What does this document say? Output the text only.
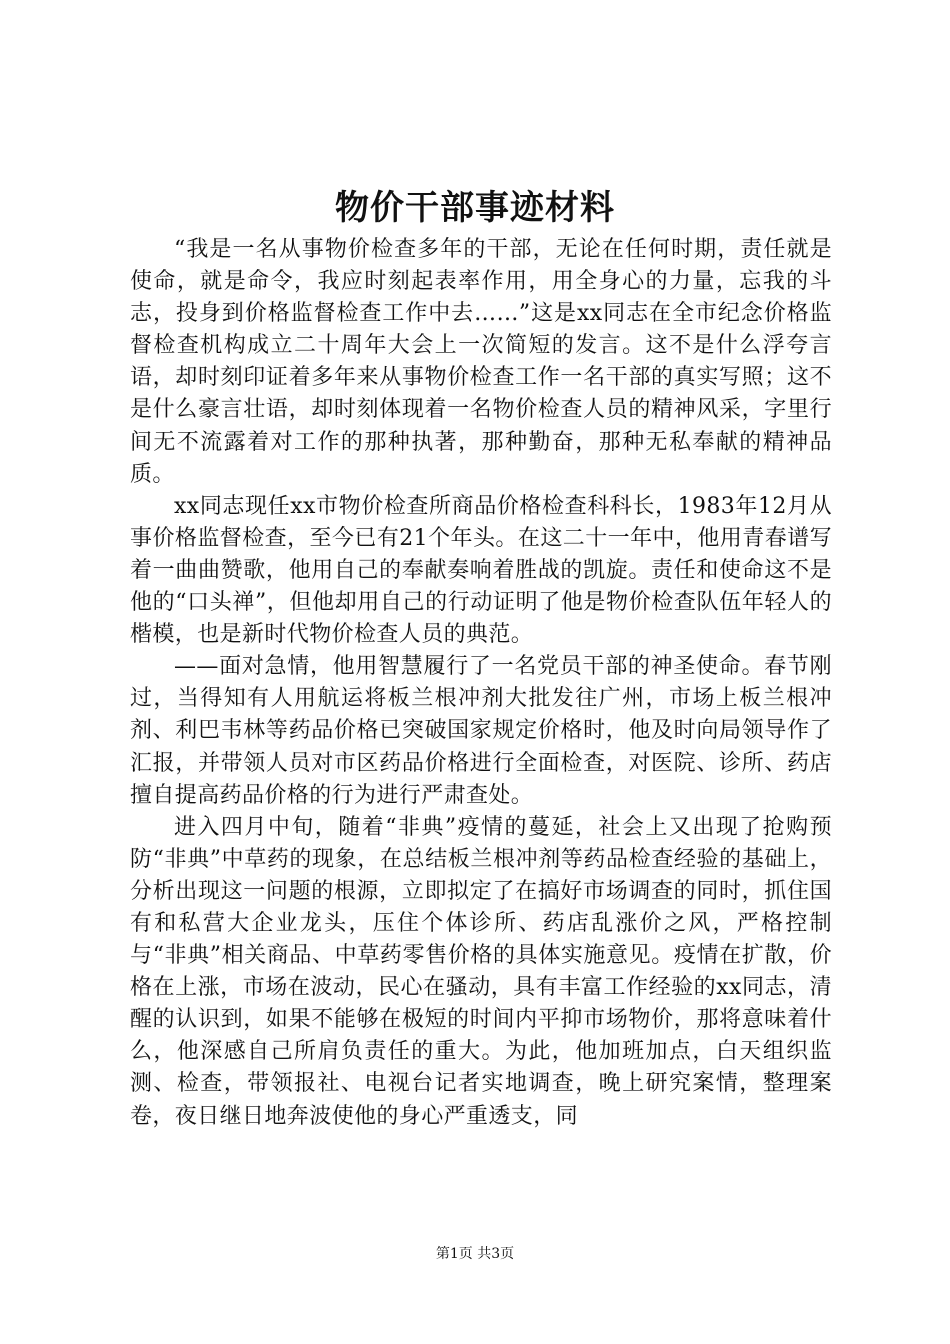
物价干部事迹材料

“我是一名从事物价检查多年的干部，无论在任何时期，责任就是使命，就是命令，我应时刻起表率作用，用全身心的力量，忘我的斗志，投身到价格监督检查工作中去……”这是xx同志在全市纪念价格监督检查机构成立二十周年大会上一次简短的发言。这不是什么浮夸言语，却时刻印证着多年来从事物价检查工作一名干部的真实写照；这不是什么豪言壮语，却时刻体现着一名物价检查人员的精神风采，字里行间无不流露着对工作的那种执著，那种勤奋，那种无私奉献的精神品质。

xx同志现任xx市物价检查所商品价格检查科科长，1983年12月从事价格监督检查，至今已有21个年头。在这二十一年中，他用青春谱写着一曲曲赞歌，他用自己的奉献奏响着胜战的凯旋。责任和使命这不是他的“口头禅”，但他却用自己的行动证明了他是物价检查队伍年轻人的楷模，也是新时代物价检查人员的典范。

——面对急情，他用智慧履行了一名党员干部的神圣使命。春节刚过，当得知有人用航运将板兰根冲剂大批发往广州，市场上板兰根冲剂、利巴韦林等药品价格已突破国家规定价格时，他及时向局领导作了汇报，并带领人员对市区药品价格进行全面检查，对医院、诊所、药店擅自提高药品价格的行为进行严肃查处。

进入四月中旬，随着“非典”疫情的蔓延，社会上又出现了抢购预防“非典”中草药的现象，在总结板兰根冲剂等药品检查经验的基础上，分析出现这一问题的根源，立即拟定了在搞好市场调查的同时，抓住国有和私营大企业龙头，压住个体诊所、药店乱涨价之风，严格控制与“非典”相关商品、中草药零售价格的具体实施意见。疫情在扩散，价格在上涨，市场在波动，民心在骚动，具有丰富工作经验的xx同志，清醒的认识到，如果不能够在极短的时间内平抑市场物价，那将意味着什么，他深感自己所肩负责任的重大。为此，他加班加点，白天组织监测、检查，带领报社、电视台记者实地调查，晚上研究案情，整理案卷，夜日继日地奔波使他的身心严重透支，同

第1页 共3页
